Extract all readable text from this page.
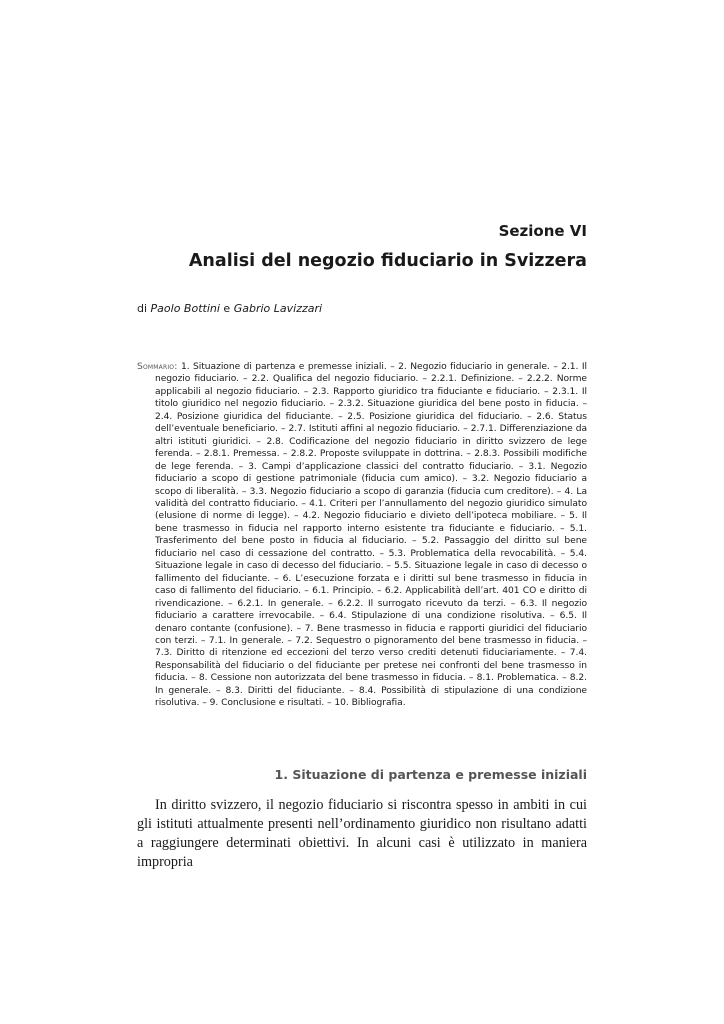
Sezione VI
Analisi del negozio fiduciario in Svizzera
di Paolo Bottini e Gabrio Lavizzari
Sommario: 1. Situazione di partenza e premesse iniziali. – 2. Negozio fiduciario in generale. – 2.1. Il negozio fiduciario. – 2.2. Qualifica del negozio fiduciario. – 2.2.1. Definizione. – 2.2.2. Norme applicabili al negozio fiduciario. – 2.3. Rapporto giuridico tra fiduciante e fiduciario. – 2.3.1. Il titolo giuridico nel negozio fiduciario. – 2.3.2. Situazione giuridica del bene posto in fiducia. – 2.4. Posizione giuridica del fiduciante. – 2.5. Posizione giuridica del fiduciario. – 2.6. Status dell’eventuale beneficiario. – 2.7. Istituti affini al negozio fiduciario. – 2.7.1. Differenziazione da altri istituti giuridici. – 2.8. Codificazione del negozio fiduciario in diritto svizzero de lege ferenda. – 2.8.1. Premessa. – 2.8.2. Proposte sviluppate in dottrina. – 2.8.3. Possibili modifiche de lege ferenda. – 3. Campi d’applicazione classici del contratto fiduciario. – 3.1. Negozio fiduciario a scopo di gestione patrimoniale (fiducia cum amico). – 3.2. Negozio fiduciario a scopo di liberalità. – 3.3. Negozio fiduciario a scopo di garanzia (fiducia cum creditore). – 4. La validità del contratto fiduciario. – 4.1. Criteri per l’annullamento del negozio giuridico simulato (elusione di norme di legge). – 4.2. Negozio fiduciario e divieto dell’ipoteca mobiliare. – 5. Il bene trasmesso in fiducia nel rapporto interno esistente tra fiduciante e fiduciario. – 5.1. Trasferimento del bene posto in fiducia al fiduciario. – 5.2. Passaggio del diritto sul bene fiduciario nel caso di cessazione del contratto. – 5.3. Problematica della revocabilità. – 5.4. Situazione legale in caso di decesso del fiduciario. – 5.5. Situazione legale in caso di decesso o fallimento del fiduciante. – 6. L’esecuzione forzata e i diritti sul bene trasmesso in fiducia in caso di fallimento del fiduciario. – 6.1. Principio. – 6.2. Applicabilità dell’art. 401 CO e diritto di rivendicazione. – 6.2.1. In generale. – 6.2.2. Il surrogato ricevuto da terzi. – 6.3. Il negozio fiduciario a carattere irrevocabile. – 6.4. Stipulazione di una condizione risolutiva. – 6.5. Il denaro contante (confusione). – 7. Bene trasmesso in fiducia e rapporti giuridici del fiduciario con terzi. – 7.1. In generale. – 7.2. Sequestro o pignoramento del bene trasmesso in fiducia. – 7.3. Diritto di ritenzione ed eccezioni del terzo verso crediti detenuti fiduciariamente. – 7.4. Responsabilità del fiduciario o del fiduciante per pretese nei confronti del bene trasmesso in fiducia. – 8. Cessione non autorizzata del bene trasmesso in fiducia. – 8.1. Problematica. – 8.2. In generale. – 8.3. Diritti del fiduciante. – 8.4. Possibilità di stipulazione di una condizione risolutiva. – 9. Conclusione e risultati. – 10. Bibliografia.
1. Situazione di partenza e premesse iniziali
In diritto svizzero, il negozio fiduciario si riscontra spesso in ambiti in cui gli istituti attualmente presenti nell’ordinamento giuridico non risultano adatti a raggiungere determinati obiettivi. In alcuni casi è utilizzato in maniera impropria
